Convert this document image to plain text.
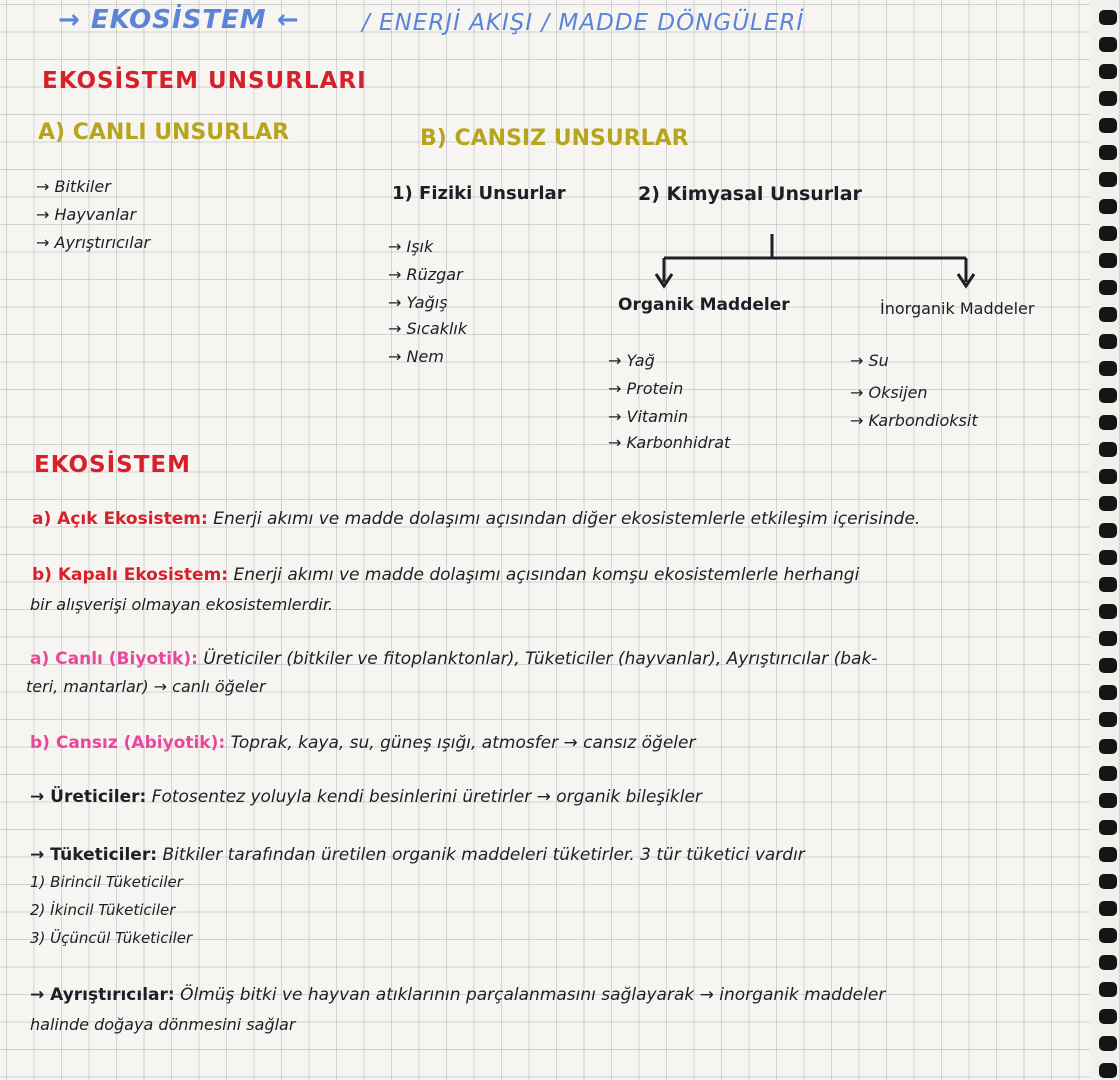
→ EKOSİSTEM ←	/ ENERJİ AKIŞI / MADDE DÖNGÜLERİ
EKOSİSTEM UNSURLARI
A) CANLI UNSURLAR	B) CANSIZ UNSURLAR
→ Bitkiler
→ Hayvanlar
→ Ayrıştırıcılar
1) Fiziki Unsurlar	2) Kimyasal Unsurlar
→ Işık
→ Rüzgar
→ Yağış
→ Sıcaklık
→ Nem
Organik Maddeler	İnorganik Maddeler
→ Yağ
→ Protein
→ Vitamin
→ Karbonhidrat
→ Su
→ Oksijen
→ Karbondioksit
EKOSİSTEM
a) Açık Ekosistem: Enerji akımı ve madde dolaşımı açısından diğer ekosistemlerle etkileşim içerisinde.
b) Kapalı Ekosistem: Enerji akımı ve madde dolaşımı açısından komşu ekosistemlerle herhangi
bir alışverişi olmayan ekosistemlerdir.
a) Canlı (Biyotik): Üreticiler (bitkiler ve fitoplanktonlar), Tüketiciler (hayvanlar), Ayrıştırıcılar (bak-
teri, mantarlar) → canlı öğeler
b) Cansız (Abiyotik): Toprak, kaya, su, güneş ışığı, atmosfer → cansız öğeler
→ Üreticiler: Fotosentez yoluyla kendi besinlerini üretirler → organik bileşikler
→ Tüketiciler: Bitkiler tarafından üretilen organik maddeleri tüketirler. 3 tür tüketici vardır
1) Birincil Tüketiciler
2) İkincil Tüketiciler
3) Üçüncül Tüketiciler
→ Ayrıştırıcılar: Ölmüş bitki ve hayvan atıklarının parçalanmasını sağlayarak → inorganik maddeler
halinde doğaya dönmesini sağlar
